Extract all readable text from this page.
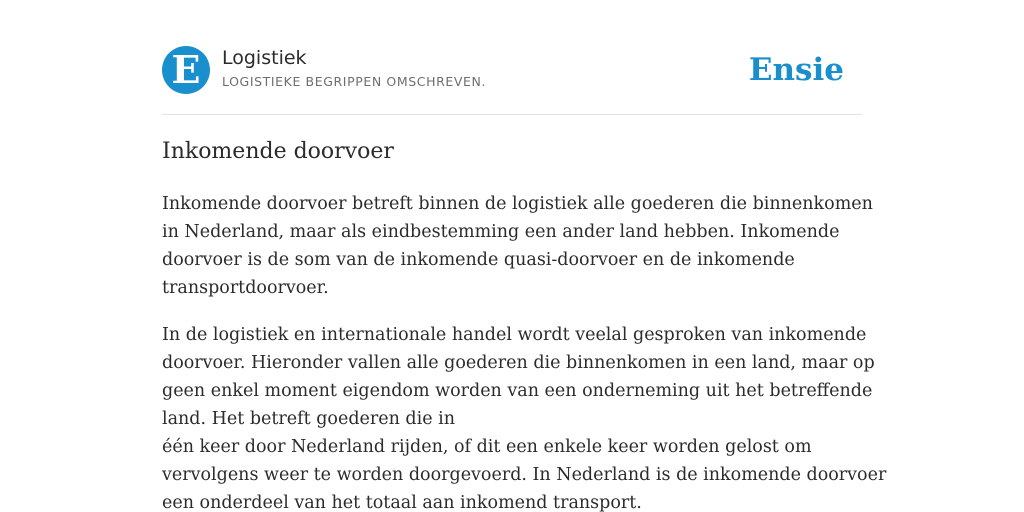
E	Logistiek
LOGISTIEKE BEGRIPPEN OMSCHREVEN.	Ensie
Inkomende doorvoer

Inkomende doorvoer betreft binnen de logistiek alle goederen die binnenkomen
in Nederland, maar als eindbestemming een ander land hebben. Inkomende
doorvoer is de som van de inkomende quasi-doorvoer en de inkomende
transportdoorvoer.

In de logistiek en internationale handel wordt veelal gesproken van inkomende
doorvoer. Hieronder vallen alle goederen die binnenkomen in een land, maar op
geen enkel moment eigendom worden van een onderneming uit het betreffende
land. Het betreft goederen die in
één keer door Nederland rijden, of dit een enkele keer worden gelost om
vervolgens weer te worden doorgevoerd. In Nederland is de inkomende doorvoer
een onderdeel van het totaal aan inkomend transport.
